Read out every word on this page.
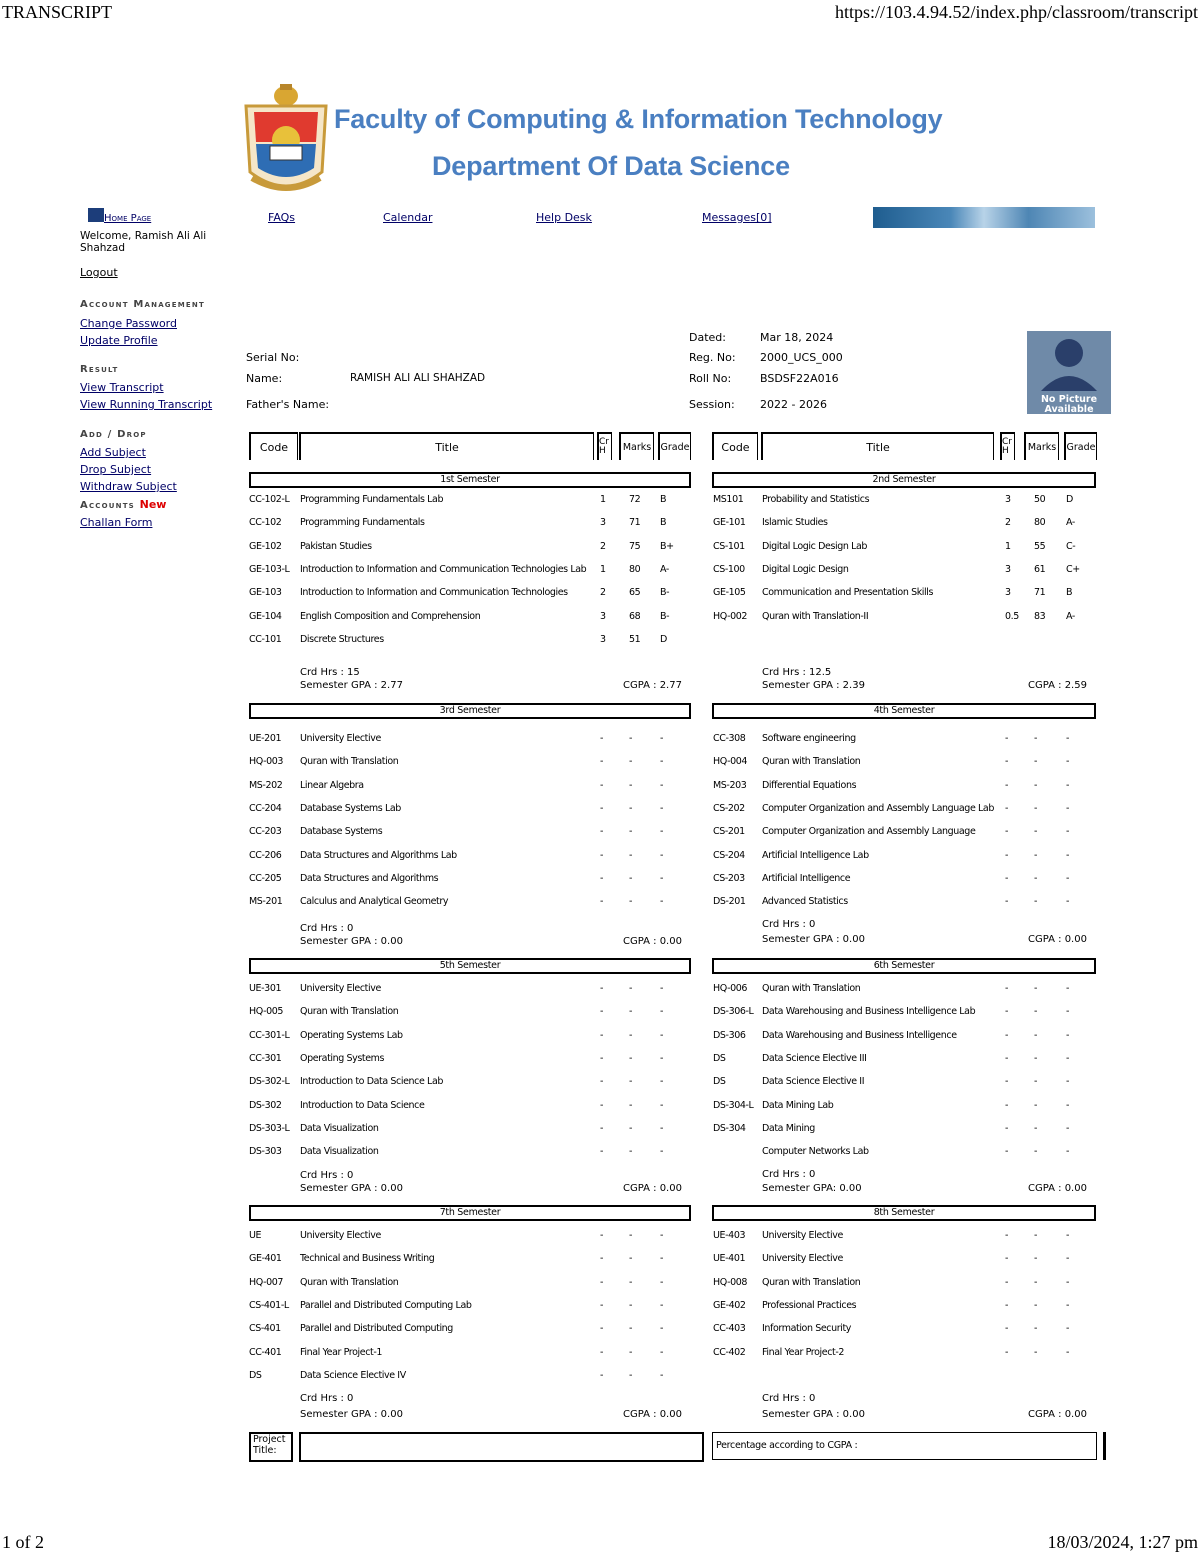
TRANSCRIPT	https://103.4.94.52/index.php/classroom/transcript
1 of 2	18/03/2024, 1:27 pm
Faculty of Computing & Information Technology
Department Of Data Science
FAQs	Calendar	Help Desk	Messages[0]
Home Page
Welcome, Ramish Ali Ali Shahzad
Logout
Account Management
Change Password
Update Profile
Result
View Transcript
View Running Transcript
Add / Drop
Add Subject
Drop Subject
Withdraw Subject
Accounts New
Challan Form
Serial No:
Name:	RAMISH ALI ALI SHAHZAD
Father's Name:
Dated:	Mar 18, 2024
Reg. No: 2000_UCS_000
Roll No:	BSDSF22A016
Session: 2022 - 2026	No Picture Available
Code	Title	Cr H	Marks Grade	Code	Title	Cr H	Marks Grade
1st Semester
CC-102-L Programming Fundamentals Lab	1 72 B
CC-102 Programming Fundamentals	3 71 B
GE-102 Pakistan Studies	2 75 B+
GE-103-L Introduction to Information and Communication Technologies Lab 1 80 A-
GE-103 Introduction to Information and Communication Technologies	2 65 B-
GE-104 English Composition and Comprehension	3 68 B-
CC-101 Discrete Structures	3 51 D
Crd Hrs : 15
Semester GPA : 2.77	CGPA : 2.77
2nd Semester
MS101 Probability and Statistics	3 50 D
GE-101 Islamic Studies	2 80 A-
CS-101 Digital Logic Design Lab	1 55 C-
CS-100 Digital Logic Design	3 61 C+
GE-105 Communication and Presentation Skills	3 71 B
HQ-002 Quran with Translation-II	0.5 83 A-
Crd Hrs : 12.5
Semester GPA : 2.39	CGPA : 2.59
3rd Semester
UE-201 University Elective	-	-	-
HQ-003 Quran with Translation	-	-	-
MS-202 Linear Algebra	-	-	-
CC-204 Database Systems Lab	-	-	-
CC-203 Database Systems	-	-	-
CC-206 Data Structures and Algorithms Lab	-	-	-
CC-205 Data Structures and Algorithms	-	-	-
MS-201 Calculus and Analytical Geometry	-	-	-
Crd Hrs : 0
Semester GPA : 0.00	CGPA : 0.00
4th Semester
CC-308 Software engineering	-	-	-
HQ-004 Quran with Translation	-	-	-
MS-203 Differential Equations	-	-	-
CS-202 Computer Organization and Assembly Language Lab -	-	-
CS-201 Computer Organization and Assembly Language	-	-	-
CS-204 Artificial Intelligence Lab	-	-	-
CS-203 Artificial Intelligence	-	-	-
DS-201 Advanced Statistics	-	-	-
Crd Hrs : 0
Semester GPA : 0.00	CGPA : 0.00
5th Semester
UE-301 University Elective	-	-	-
HQ-005 Quran with Translation	-	-	-
CC-301-L Operating Systems Lab	-	-	-
CC-301 Operating Systems	-	-	-
DS-302-L Introduction to Data Science Lab	-	-	-
DS-302 Introduction to Data Science	-	-	-
DS-303-L Data Visualization	-	-	-
DS-303 Data Visualization	-	-	-
Crd Hrs : 0
Semester GPA : 0.00	CGPA : 0.00
6th Semester
HQ-006 Quran with Translation	-	-	-
DS-306-L Data Warehousing and Business Intelligence Lab	-	-	-
DS-306 Data Warehousing and Business Intelligence	-	-	-
DS	Data Science Elective III	-	-	-
DS	Data Science Elective II	-	-	-
DS-304-L Data Mining Lab	-	-	-
DS-304 Data Mining	-	-	-
Computer Networks Lab	-	-	-
Crd Hrs : 0
Semester GPA: 0.00	CGPA : 0.00
7th Semester
UE	University Elective	-	-	-
GE-401 Technical and Business Writing	-	-	-
HQ-007 Quran with Translation	-	-	-
CS-401-L Parallel and Distributed Computing Lab	-	-	-
CS-401 Parallel and Distributed Computing	-	-	-
CC-401 Final Year Project-1	-	-	-
DS	Data Science Elective IV	-	-	-
Crd Hrs : 0
Semester GPA : 0.00	CGPA : 0.00
8th Semester
UE-403 University Elective	-	-	-
UE-401 University Elective	-	-	-
HQ-008 Quran with Translation	-	-	-
GE-402 Professional Practices	-	-	-
CC-403 Information Security	-	-	-
CC-402 Final Year Project-2	-	-	-
Crd Hrs : 0
Semester GPA : 0.00	CGPA : 0.00
Project Title:	Percentage according to CGPA :
